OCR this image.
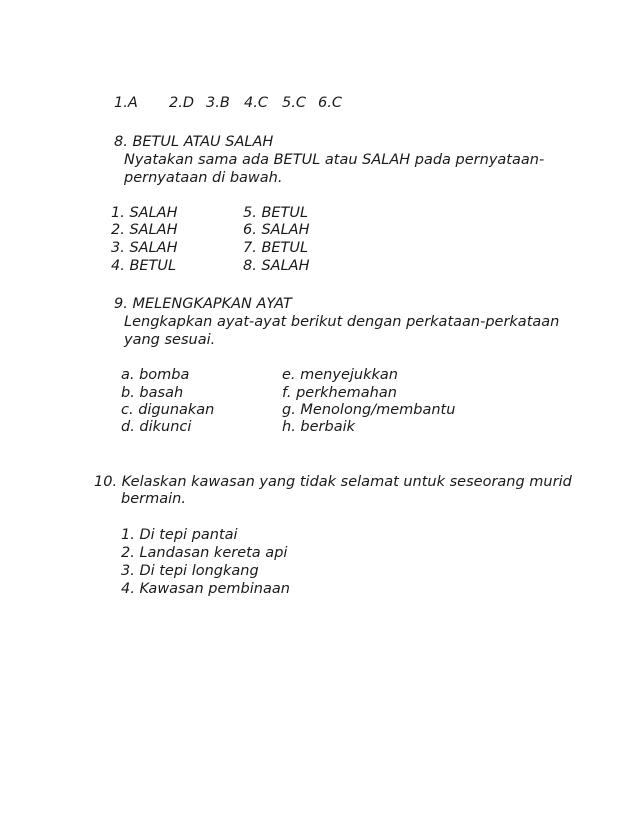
1.A 2.D 3.B 4.C 5.C 6.C
8. BETUL ATAU SALAH
Nyatakan sama ada BETUL atau SALAH pada pernyataan-
pernyataan di bawah.
1. SALAH
2. SALAH
3. SALAH
4. BETUL
5. BETUL
6. SALAH
7. BETUL
8. SALAH
9. MELENGKAPKAN AYAT
Lengkapkan ayat-ayat berikut dengan perkataan-perkataan
yang sesuai.
a. bomba
b. basah
c. digunakan
d. dikunci
e. menyejukkan
f. perkhemahan
g. Menolong/membantu
h. berbaik
10. Kelaskan kawasan yang tidak selamat untuk seseorang murid
bermain.
1. Di tepi pantai
2. Landasan kereta api
3. Di tepi longkang
4. Kawasan pembinaan
